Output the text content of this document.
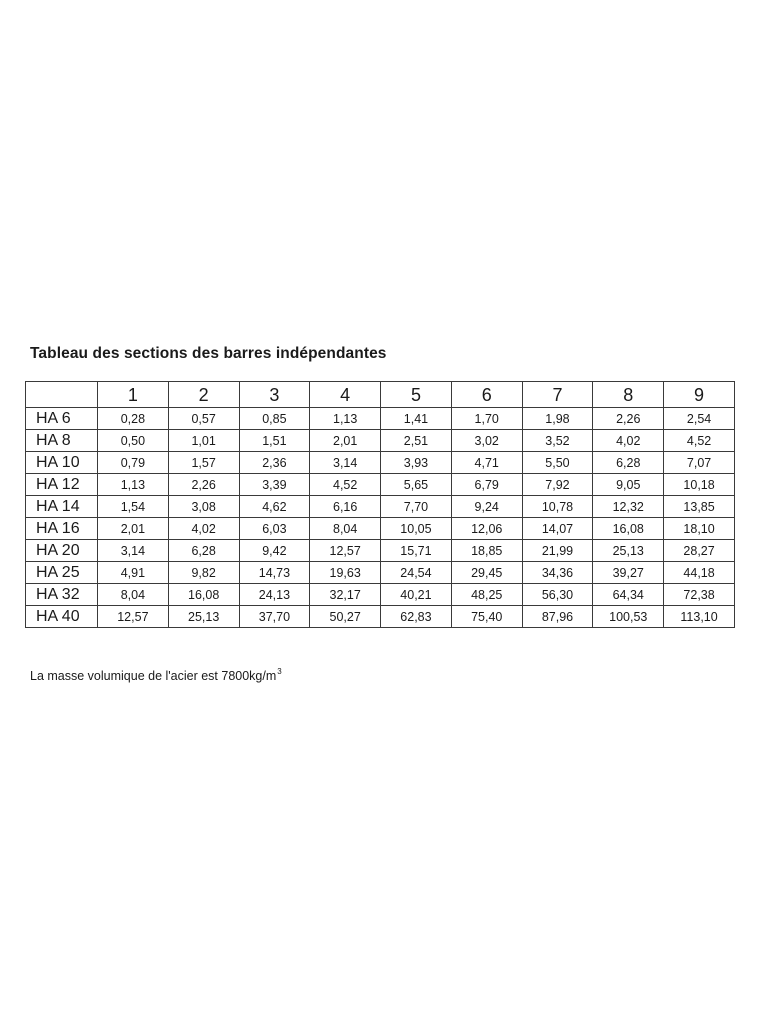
Tableau des sections des barres indépendantes
	1	2	3	4	5	6	7	8	9
HA 6	0,28	0,57	0,85	1,13	1,41	1,70	1,98	2,26	2,54
HA 8	0,50	1,01	1,51	2,01	2,51	3,02	3,52	4,02	4,52
HA 10	0,79	1,57	2,36	3,14	3,93	4,71	5,50	6,28	7,07
HA 12	1,13	2,26	3,39	4,52	5,65	6,79	7,92	9,05	10,18
HA 14	1,54	3,08	4,62	6,16	7,70	9,24	10,78	12,32	13,85
HA 16	2,01	4,02	6,03	8,04	10,05	12,06	14,07	16,08	18,10
HA 20	3,14	6,28	9,42	12,57	15,71	18,85	21,99	25,13	28,27
HA 25	4,91	9,82	14,73	19,63	24,54	29,45	34,36	39,27	44,18
HA 32	8,04	16,08	24,13	32,17	40,21	48,25	56,30	64,34	72,38
HA 40	12,57	25,13	37,70	50,27	62,83	75,40	87,96	100,53	113,10
La masse volumique de l'acier est $7800kg/m^3$
